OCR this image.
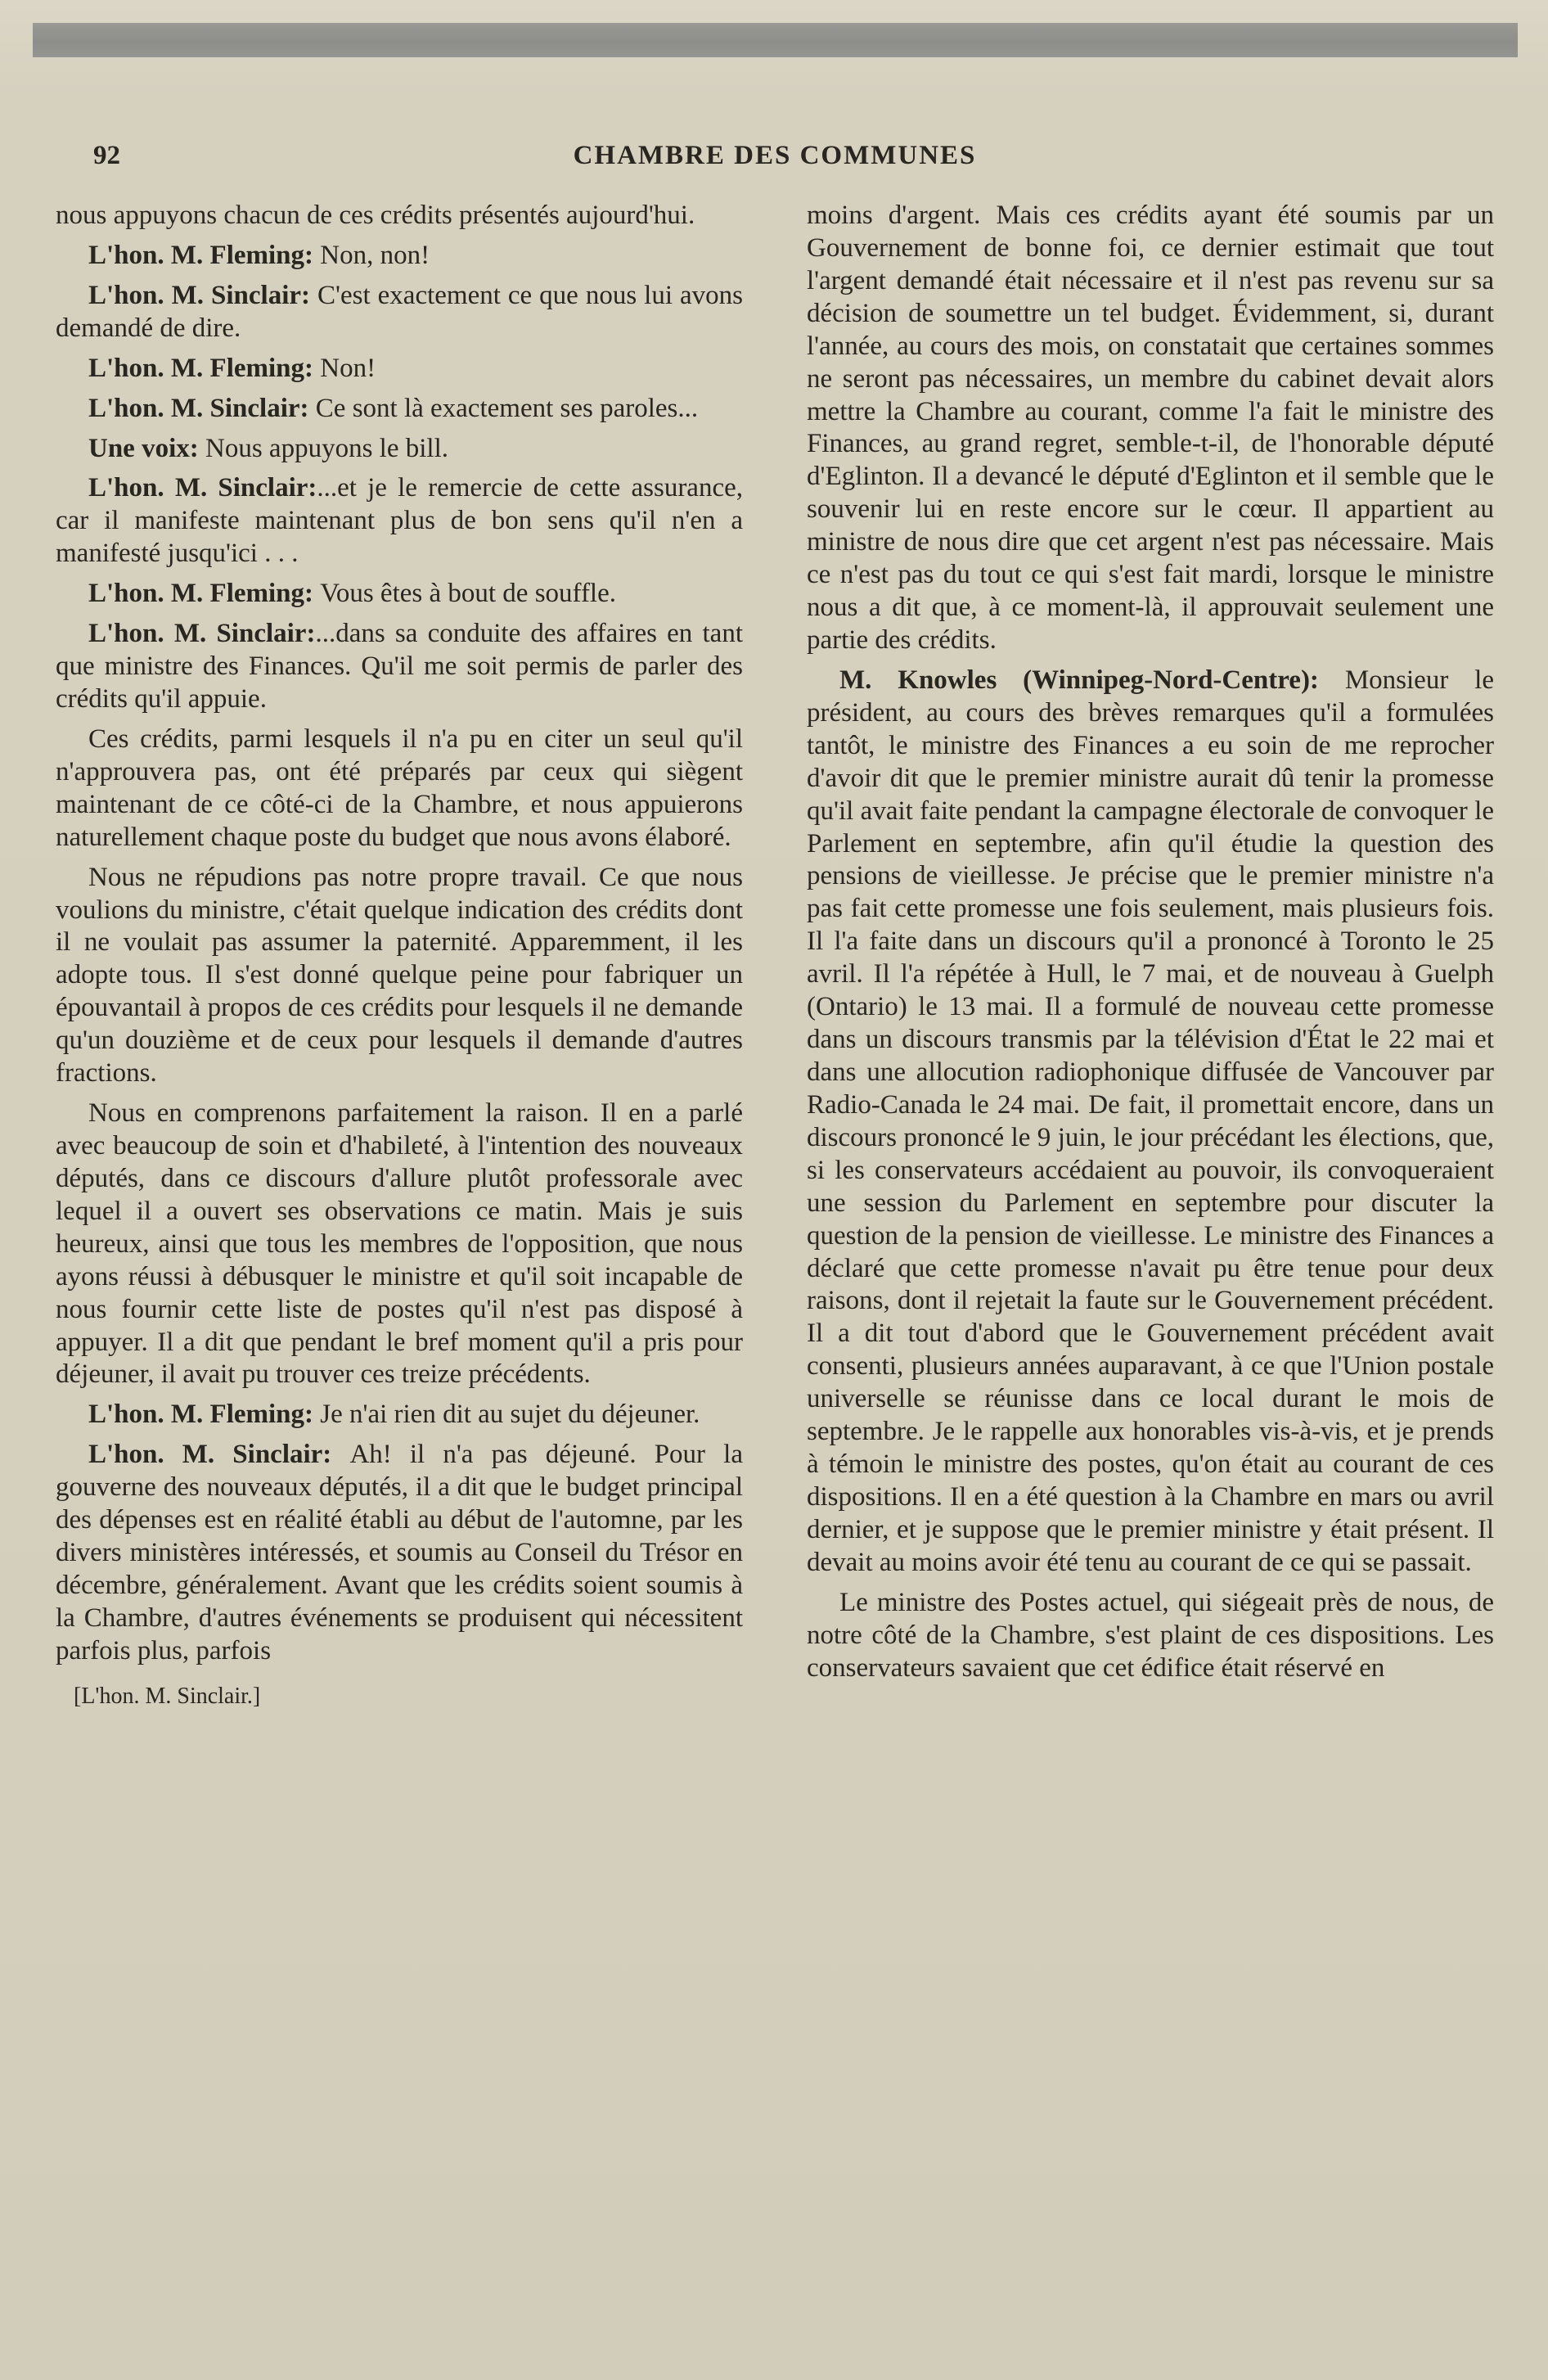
92	CHAMBRE DES COMMUNES

nous appuyons chacun de ces crédits présentés aujourd'hui.

L'hon. M. Fleming: Non, non!

L'hon. M. Sinclair: C'est exactement ce que nous lui avons demandé de dire.

L'hon. M. Fleming: Non!

L'hon. M. Sinclair: Ce sont là exactement ses paroles...

Une voix: Nous appuyons le bill.

L'hon. M. Sinclair:...et je le remercie de cette assurance, car il manifeste maintenant plus de bon sens qu'il n'en a manifesté jusqu'ici . . .

L'hon. M. Fleming: Vous êtes à bout de souffle.

L'hon. M. Sinclair:...dans sa conduite des affaires en tant que ministre des Finances. Qu'il me soit permis de parler des crédits qu'il appuie.

Ces crédits, parmi lesquels il n'a pu en citer un seul qu'il n'approuvera pas, ont été préparés par ceux qui siègent maintenant de ce côté-ci de la Chambre, et nous appuierons naturellement chaque poste du budget que nous avons élaboré.

Nous ne répudions pas notre propre travail. Ce que nous voulions du ministre, c'était quelque indication des crédits dont il ne voulait pas assumer la paternité. Apparemment, il les adopte tous. Il s'est donné quelque peine pour fabriquer un épouvantail à propos de ces crédits pour lesquels il ne demande qu'un douzième et de ceux pour lesquels il demande d'autres fractions.

Nous en comprenons parfaitement la raison. Il en a parlé avec beaucoup de soin et d'habileté, à l'intention des nouveaux députés, dans ce discours d'allure plutôt professorale avec lequel il a ouvert ses observations ce matin. Mais je suis heureux, ainsi que tous les membres de l'opposition, que nous ayons réussi à débusquer le ministre et qu'il soit incapable de nous fournir cette liste de postes qu'il n'est pas disposé à appuyer. Il a dit que pendant le bref moment qu'il a pris pour déjeuner, il avait pu trouver ces treize précédents.

L'hon. M. Fleming: Je n'ai rien dit au sujet du déjeuner.

L'hon. M. Sinclair: Ah! il n'a pas déjeuné. Pour la gouverne des nouveaux députés, il a dit que le budget principal des dépenses est en réalité établi au début de l'automne, par les divers ministères intéressés, et soumis au Conseil du Trésor en décembre, généralement. Avant que les crédits soient soumis à la Chambre, d'autres événements se produisent qui nécessitent parfois plus, parfois

[L'hon. M. Sinclair.]

moins d'argent. Mais ces crédits ayant été soumis par un Gouvernement de bonne foi, ce dernier estimait que tout l'argent demandé était nécessaire et il n'est pas revenu sur sa décision de soumettre un tel budget. Évidemment, si, durant l'année, au cours des mois, on constatait que certaines sommes ne seront pas nécessaires, un membre du cabinet devait alors mettre la Chambre au courant, comme l'a fait le ministre des Finances, au grand regret, semble-t-il, de l'honorable député d'Eglinton. Il a devancé le député d'Eglinton et il semble que le souvenir lui en reste encore sur le cœur. Il appartient au ministre de nous dire que cet argent n'est pas nécessaire. Mais ce n'est pas du tout ce qui s'est fait mardi, lorsque le ministre nous a dit que, à ce moment-là, il approuvait seulement une partie des crédits.

M. Knowles (Winnipeg-Nord-Centre): Monsieur le président, au cours des brèves remarques qu'il a formulées tantôt, le ministre des Finances a eu soin de me reprocher d'avoir dit que le premier ministre aurait dû tenir la promesse qu'il avait faite pendant la campagne électorale de convoquer le Parlement en septembre, afin qu'il étudie la question des pensions de vieillesse. Je précise que le premier ministre n'a pas fait cette promesse une fois seulement, mais plusieurs fois. Il l'a faite dans un discours qu'il a prononcé à Toronto le 25 avril. Il l'a répétée à Hull, le 7 mai, et de nouveau à Guelph (Ontario) le 13 mai. Il a formulé de nouveau cette promesse dans un discours transmis par la télévision d'État le 22 mai et dans une allocution radiophonique diffusée de Vancouver par Radio-Canada le 24 mai. De fait, il promettait encore, dans un discours prononcé le 9 juin, le jour précédant les élections, que, si les conservateurs accédaient au pouvoir, ils convoqueraient une session du Parlement en septembre pour discuter la question de la pension de vieillesse. Le ministre des Finances a déclaré que cette promesse n'avait pu être tenue pour deux raisons, dont il rejetait la faute sur le Gouvernement précédent. Il a dit tout d'abord que le Gouvernement précédent avait consenti, plusieurs années auparavant, à ce que l'Union postale universelle se réunisse dans ce local durant le mois de septembre. Je le rappelle aux honorables vis-à-vis, et je prends à témoin le ministre des postes, qu'on était au courant de ces dispositions. Il en a été question à la Chambre en mars ou avril dernier, et je suppose que le premier ministre y était présent. Il devait au moins avoir été tenu au courant de ce qui se passait.

Le ministre des Postes actuel, qui siégeait près de nous, de notre côté de la Chambre, s'est plaint de ces dispositions. Les conservateurs savaient que cet édifice était réservé en
